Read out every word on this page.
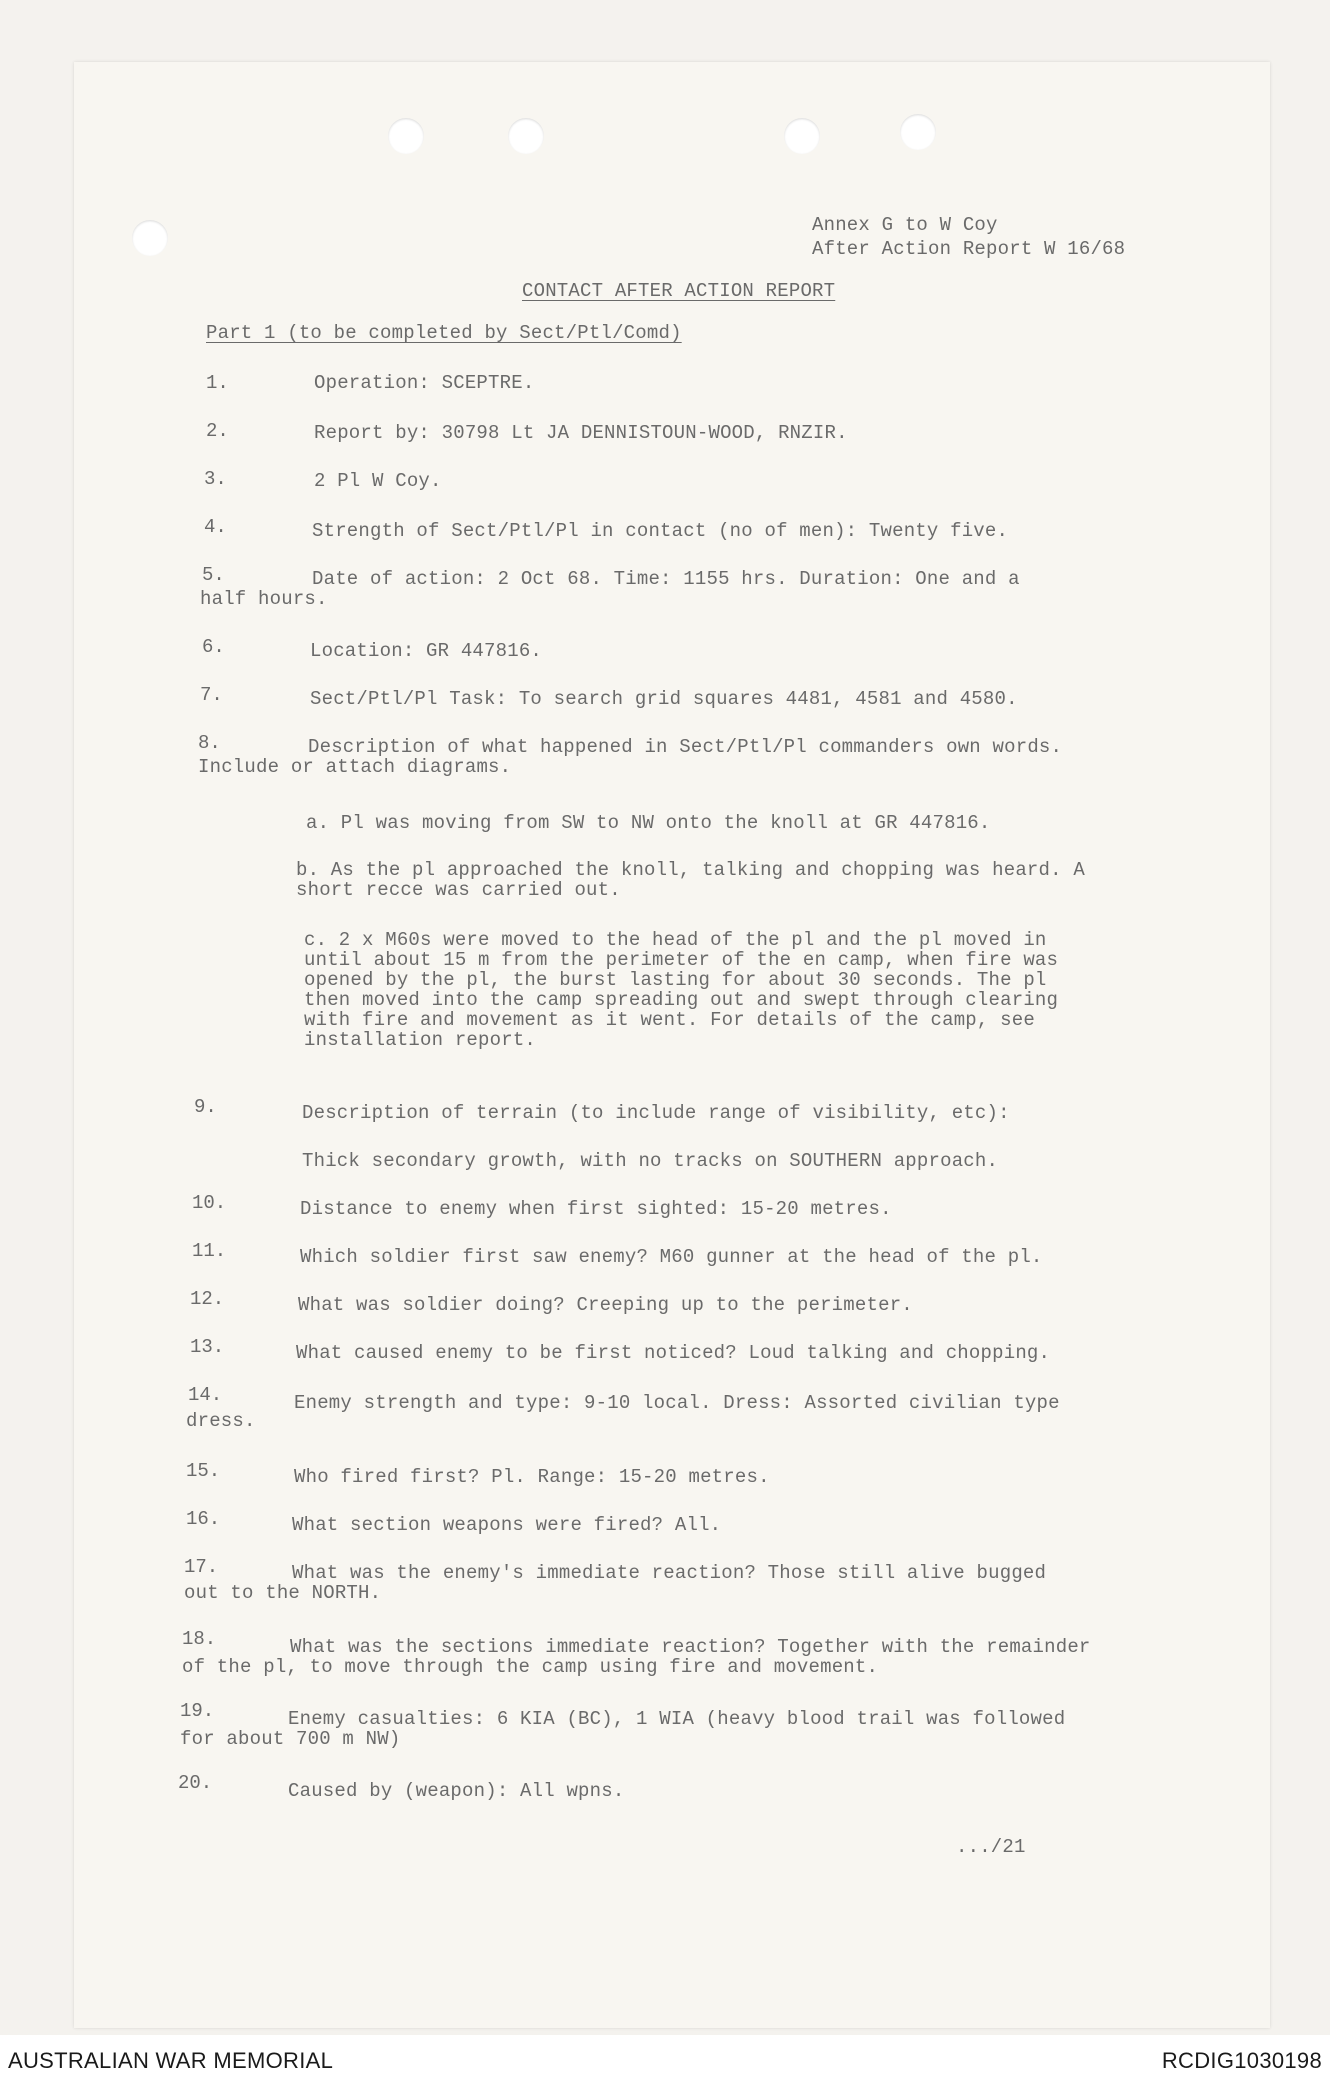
Annex G to W Coy
After Action Report W 16/68
CONTACT AFTER ACTION REPORT
Part 1 (to be completed by Sect/Ptl/Comd)
1.	Operation: SCEPTRE.
2.	Report by: 30798 Lt JA DENNISTOUN-WOOD, RNZIR.
3.	2 Pl W Coy.
4.	Strength of Sect/Ptl/Pl in contact (no of men): Twenty five.
5.	Date of action: 2 Oct 68. Time: 1155 hrs. Duration: One and a
half hours.
6.	Location: GR 447816.
7.	Sect/Ptl/Pl Task: To search grid squares 4481, 4581 and 4580.
8.	Description of what happened in Sect/Ptl/Pl commanders own words.
Include or attach diagrams.
a. Pl was moving from SW to NW onto the knoll at GR 447816.
b. As the pl approached the knoll, talking and chopping was heard. A short recce was carried out.
c. 2 x M60s were moved to the head of the pl and the pl moved in until about 15 m from the perimeter of the en camp, when fire was opened by the pl, the burst lasting for about 30 seconds. The pl then moved into the camp spreading out and swept through clearing with fire and movement as it went. For details of the camp, see installation report.
9.	Description of terrain (to include range of visibility, etc):
Thick secondary growth, with no tracks on SOUTHERN approach.
10.	Distance to enemy when first sighted: 15-20 metres.
11.	Which soldier first saw enemy? M60 gunner at the head of the pl.
12.	What was soldier doing? Creeping up to the perimeter.
13.	What caused enemy to be first noticed? Loud talking and chopping.
14.	Enemy strength and type: 9-10 local. Dress: Assorted civilian type
dress.
15.	Who fired first? Pl. Range: 15-20 metres.
16.	What section weapons were fired? All.
17.	What was the enemy's immediate reaction? Those still alive bugged
out to the NORTH.
18.	What was the sections immediate reaction? Together with the remainder
of the pl, to move through the camp using fire and movement.
19.	Enemy casualties: 6 KIA (BC), 1 WIA (heavy blood trail was followed
for about 700 m NW)
20.	Caused by (weapon): All wpns.
.../21
AUSTRALIAN WAR MEMORIAL	RCDIG1030198
